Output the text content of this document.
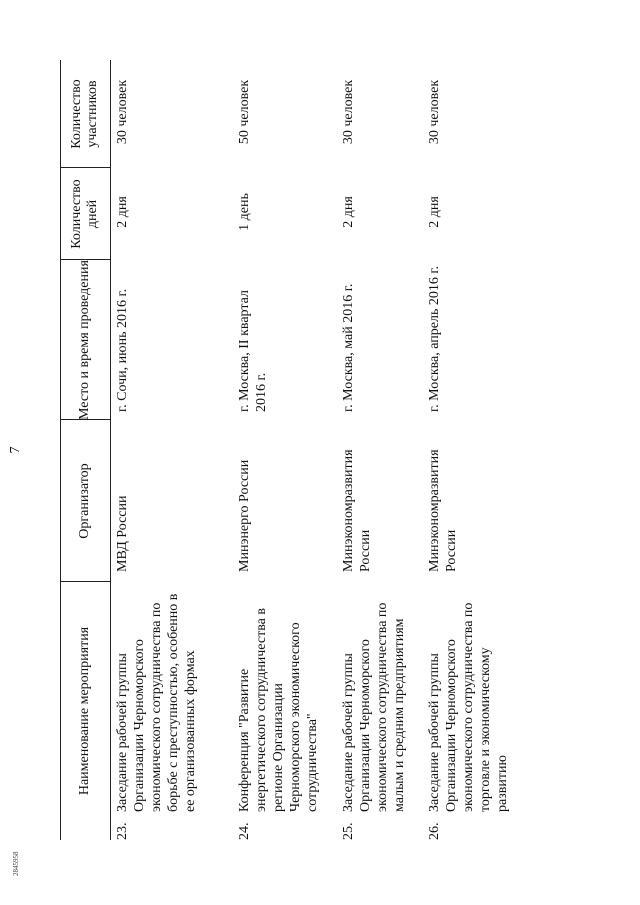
7
Наименование мероприятия
Организатор
Место и время проведения
Количество дней
Количество участников
23.
Заседание рабочей группы Организации Черноморского экономического сотрудничества по борьбе с преступностью, особенно в ее организованных формах
МВД России
г. Сочи, июнь 2016 г.
2 дня
30 человек
24.
Конференция "Развитие энергетического сотрудничества в регионе Организации Черноморского экономического сотрудничества"
Минэнерго России
г. Москва, II квартал 2016 г.
1 день
50 человек
25.
Заседание рабочей группы Организации Черноморского экономического сотрудничества по малым и средним предприятиям
Минэкономразвития России
г. Москва, май 2016 г.
2 дня
30 человек
26.
Заседание рабочей группы Организации Черноморского экономического сотрудничества по торговле и экономическому развитию
Минэкономразвития России
г. Москва, апрель 2016 г.
2 дня
30 человек
2845958
